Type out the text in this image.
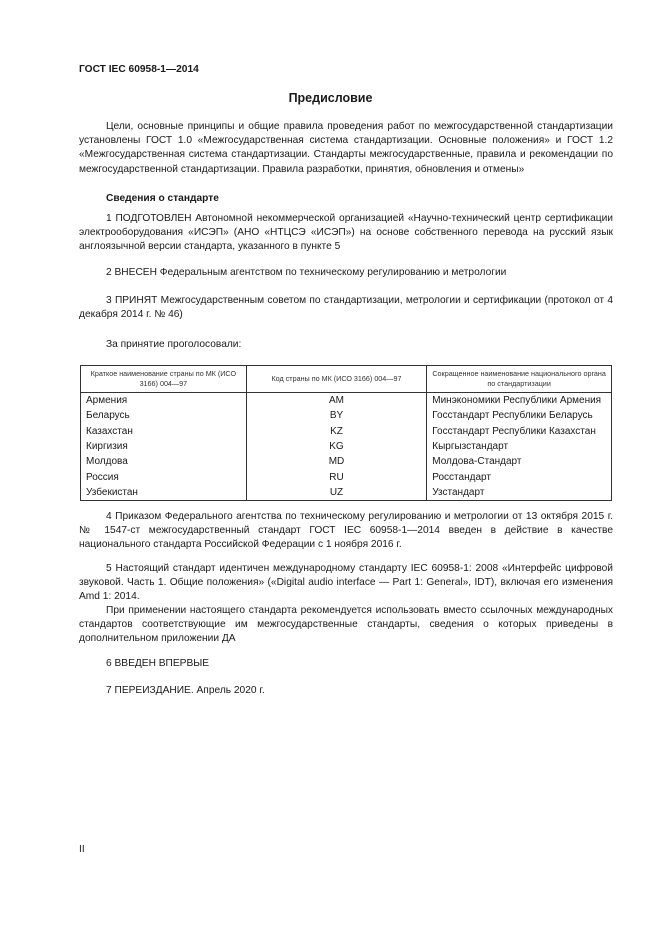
ГОСТ IEC 60958-1—2014
Предисловие

Цели, основные принципы и общие правила проведения работ по межгосударственной стандартизации установлены ГОСТ 1.0 «Межгосударственная система стандартизации. Основные положения» и ГОСТ 1.2 «Межгосударственная система стандартизации. Стандарты межгосударственные, правила и рекомендации по межгосударственной стандартизации. Правила разработки, принятия, обновления и отмены»

Сведения о стандарте

1 ПОДГОТОВЛЕН Автономной некоммерческой организацией «Научно-технический центр сертификации электрооборудования «ИСЭП» (АНО «НТЦСЭ «ИСЭП») на основе собственного перевода на русский язык англоязычной версии стандарта, указанного в пункте 5

2 ВНЕСЕН Федеральным агентством по техническому регулированию и метрологии

3 ПРИНЯТ Межгосударственным советом по стандартизации, метрологии и сертификации (протокол от 4 декабря 2014 г. № 46)

За принятие проголосовали:

Краткое наименование страны по МК (ИСО 3166) 004—97	Код страны по МК (ИСО 3166) 004—97	Сокращенное наименование национального органа по стандартизации
Армения	AM	Минэкономики Республики Армения
Беларусь	BY	Госстандарт Республики Беларусь
Казахстан	KZ	Госстандарт Республики Казахстан
Киргизия	KG	Кыргызстандарт
Молдова	MD	Молдова-Стандарт
Россия	RU	Росстандарт
Узбекистан	UZ	Узстандарт

4 Приказом Федерального агентства по техническому регулированию и метрологии от 13 октября 2015 г. № 1547-ст межгосударственный стандарт ГОСТ IEC 60958-1—2014 введен в действие в качестве национального стандарта Российской Федерации с 1 ноября 2016 г.

5 Настоящий стандарт идентичен международному стандарту IEC 60958-1: 2008 «Интерфейс цифровой звуковой. Часть 1. Общие положения» («Digital audio interface — Part 1: General», IDT), включая его изменения Amd 1: 2014.

При применении настоящего стандарта рекомендуется использовать вместо ссылочных международных стандартов соответствующие им межгосударственные стандарты, сведения о которых приведены в дополнительном приложении ДА

6 ВВЕДЕН ВПЕРВЫЕ

7 ПЕРЕИЗДАНИЕ. Апрель 2020 г.

II
